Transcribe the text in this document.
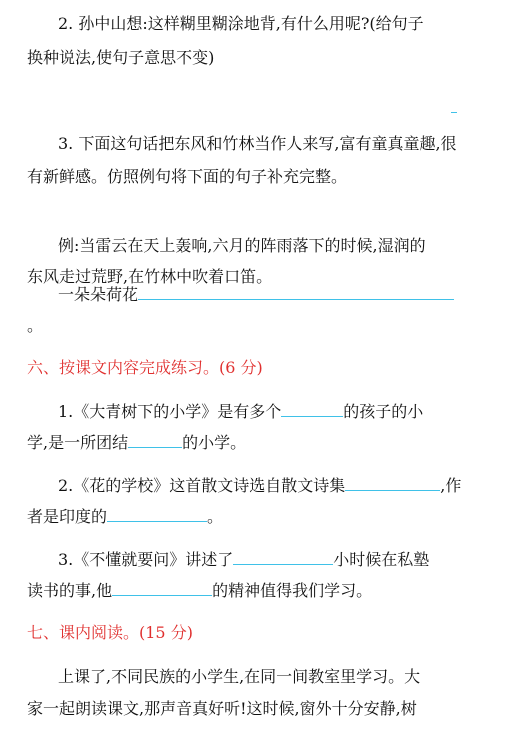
2. 孙中山想:这样糊里糊涂地背,有什么用呢?(给句子
换种说法,使句子意思不变)
3. 下面这句话把东风和竹林当作人来写,富有童真童趣,很
有新鲜感。仿照例句将下面的句子补充完整。
例:当雷云在天上轰响,六月的阵雨落下的时候,湿润的
东风走过荒野,在竹林中吹着口笛。
一朵朵荷花
。
六、按课文内容完成练习。(6 分)
1.《大青树下的小学》是有多个	的孩子的小
学,是一所团结	的小学。
2.《花的学校》这首散文诗选自散文诗集	,作
者是印度的	。
3.《不懂就要问》讲述了	小时候在私塾
读书的事,他	的精神值得我们学习。
七、课内阅读。(15 分)
上课了,不同民族的小学生,在同一间教室里学习。大
家一起朗读课文,那声音真好听!这时候,窗外十分安静,树
